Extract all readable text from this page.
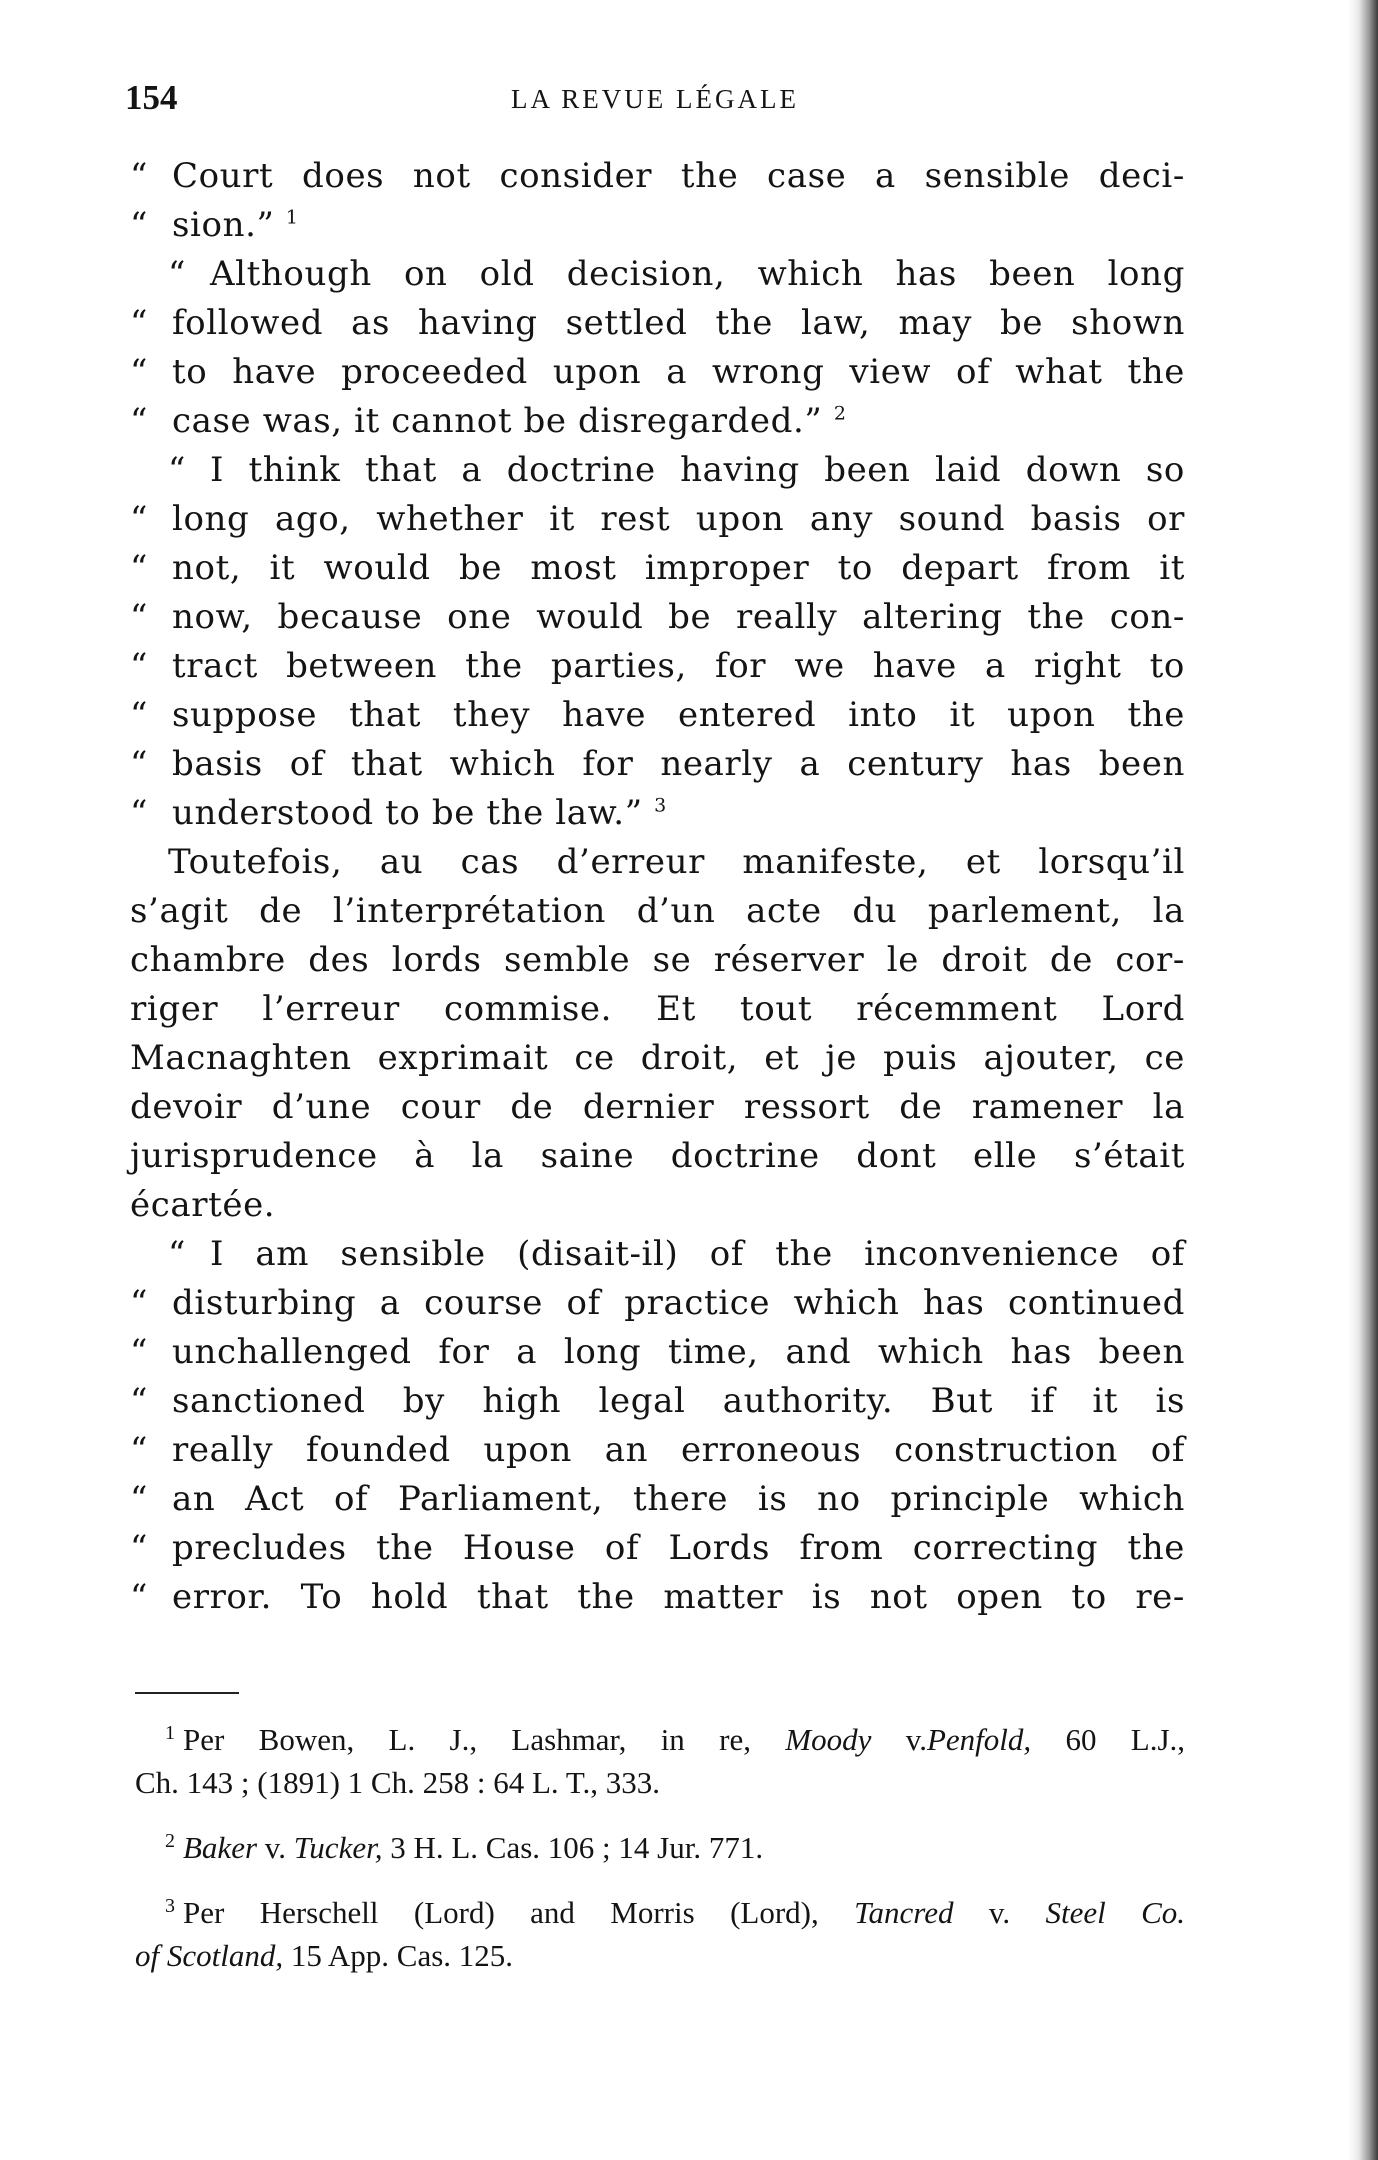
154	LA REVUE LÉGALE
“ Court does not consider the case a sensible deci-
“ sion.” $^1$
“ Although on old decision, which has been long
“ followed as having settled the law, may be shown
“ to have proceeded upon a wrong view of what the
“ case was, it cannot be disregarded.” $^2$
“ I think that a doctrine having been laid down so
“ long ago, whether it rest upon any sound basis or
“ not, it would be most improper to depart from it
“ now, because one would be really altering the con-
“ tract between the parties, for we have a right to
“ suppose that they have entered into it upon the
“ basis of that which for nearly a century has been
“ understood to be the law.” $^3$
Toutefois, au cas d’erreur manifeste, et lorsqu’il
s’agit de l’interprétation d’un acte du parlement, la
chambre des lords semble se réserver le droit de cor-
riger l’erreur commise. Et tout récemment Lord
Macnaghten exprimait ce droit, et je puis ajouter, ce
devoir d’une cour de dernier ressort de ramener la
jurisprudence à la saine doctrine dont elle s’était
écartée.
“ I am sensible (disait-il) of the inconvenience of
“ disturbing a course of practice which has continued
“ unchallenged for a long time, and which has been
“ sanctioned by high legal authority. But if it is
“ really founded upon an erroneous construction of
“ an Act of Parliament, there is no principle which
“ precludes the House of Lords from correcting the
“ error. To hold that the matter is not open to re-
$^1$ Per Bowen, L. J., Lashmar, in re, Moody v.Penfold, 60 L.J.,
Ch. 143 ; (1891) 1 Ch. 258 : 64 L. T., 333.
$^2$ Baker v. Tucker, 3 H. L. Cas. 106 ; 14 Jur. 771.
$^3$ Per Herschell (Lord) and Morris (Lord), Tancred v. Steel Co.
of Scotland, 15 App. Cas. 125.
